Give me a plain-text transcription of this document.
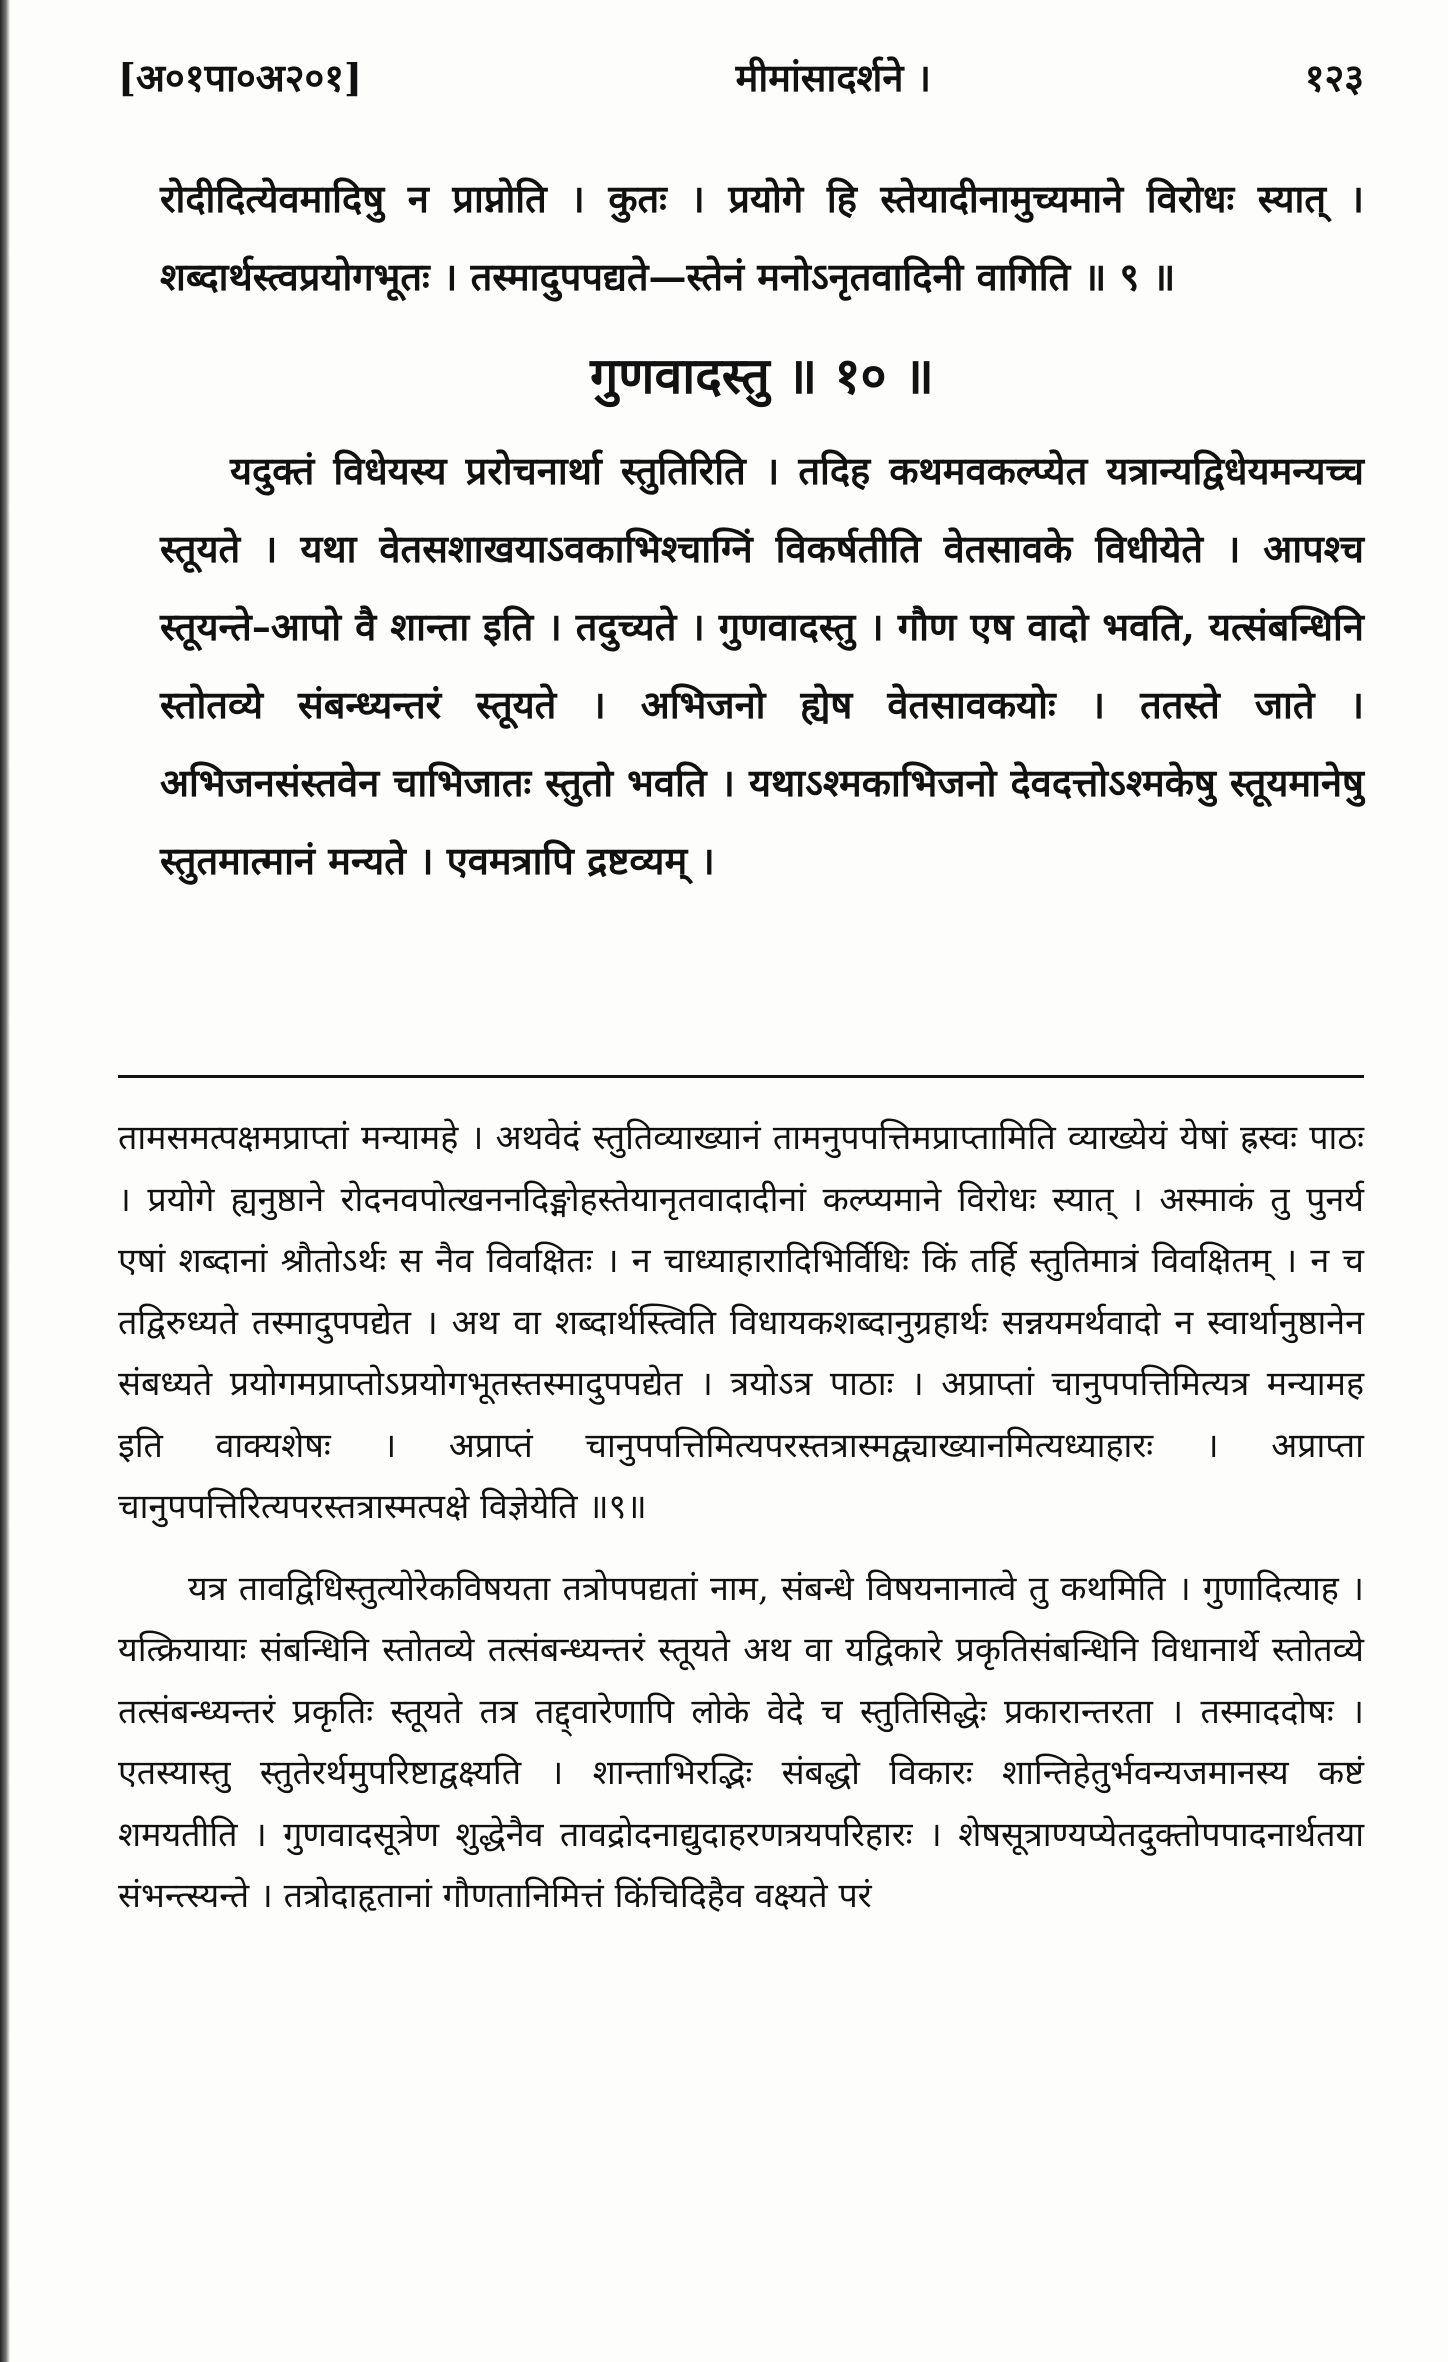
[अ०१पा०अ२०१]	मीमांसादर्शने ।	१२३

रोदीदित्येवमादिषु न प्राप्नोति । कुतः । प्रयोगे हि स्तेयादीनामुच्यमाने विरोधः स्यात् । शब्दार्थस्त्वप्रयोगभूतः । तस्मादुपपद्यते—स्तेनं मनोऽनृतवादिनी वागिति ॥ ९ ॥

गुणवादस्तु ॥ १० ॥

यदुक्तं विधेयस्य प्ररोचनार्था स्तुतिरिति । तदिह कथमवकल्प्येत यत्रान्यद्विधेयमन्यच्च स्तूयते । यथा वेतसशाखयाऽवकाभिश्चाग्निं विकर्षतीति वेतसावके विधीयेते । आपश्च स्तूयन्ते–आपो वै शान्ता इति । तदुच्यते । गुणवादस्तु । गौण एष वादो भवति, यत्संबन्धिनि स्तोतव्ये संबन्ध्यन्तरं स्तूयते । अभिजनो ह्येष वेतसावकयोः । ततस्ते जाते । अभिजनसंस्तवेन चाभिजातः स्तुतो भवति । यथाऽश्मकाभिजनो देवदत्तोऽश्मकेषु स्तूयमानेषु स्तुतमात्मानं मन्यते । एवमत्रापि द्रष्टव्यम् ।

तामसमत्पक्षमप्राप्तां मन्यामहे । अथवेदं स्तुतिव्याख्यानं तामनुपपत्तिमप्राप्तामिति व्याख्येयं येषां ह्रस्वः पाठः । प्रयोगे ह्यनुष्ठाने रोदनवपोत्खननदिङ्मोहस्तेयानृतवादादीनां कल्प्यमाने विरोधः स्यात् । अस्माकं तु पुनर्य एषां शब्दानां श्रौतोऽर्थः स नैव विवक्षितः । न चाध्याहारादिभिर्विधिः किं तर्हि स्तुतिमात्रं विवक्षितम् । न च तद्विरुध्यते तस्मादुपपद्येत । अथ वा शब्दार्थस्त्विति विधायकशब्दानुग्रहार्थः सन्नयमर्थवादो न स्वार्थानुष्ठानेन संबध्यते प्रयोगमप्राप्तोऽप्रयोगभूतस्तस्मादुपपद्येत । त्रयोऽत्र पाठाः । अप्राप्तां चानुपपत्तिमित्यत्र मन्यामह इति वाक्यशेषः । अप्राप्तं चानुपपत्तिमित्यपरस्तत्रास्मद्व्याख्यानमित्यध्याहारः । अप्राप्ता चानुपपत्तिरित्यपरस्तत्रास्मत्पक्षे विज्ञेयेति ॥९॥

यत्र तावद्विधिस्तुत्योरेकविषयता तत्रोपपद्यतां नाम, संबन्धे विषयनानात्वे तु कथमिति । गुणादित्याह । यत्क्रियायाः संबन्धिनि स्तोतव्ये तत्संबन्ध्यन्तरं स्तूयते अथ वा यद्विकारे प्रकृतिसंबन्धिनि विधानार्थे स्तोतव्ये तत्संबन्ध्यन्तरं प्रकृतिः स्तूयते तत्र तद्द्वारेणापि लोके वेदे च स्तुतिसिद्धेः प्रकारान्तरता । तस्माददोषः । एतस्यास्तु स्तुतेरर्थमुपरिष्टाद्वक्ष्यति । शान्ताभिरद्भिः संबद्धो विकारः शान्तिहेतुर्भवन्यजमानस्य कष्टं शमयतीति । गुणवादसूत्रेण शुद्धेनैव तावद्रोदनाद्युदाहरणत्रयपरिहारः । शेषसूत्राण्यप्येतदुक्तोपपादनार्थतया संभन्त्स्यन्ते । तत्रोदाहृतानां गौणतानिमित्तं किंचिदिहैव वक्ष्यते परं
